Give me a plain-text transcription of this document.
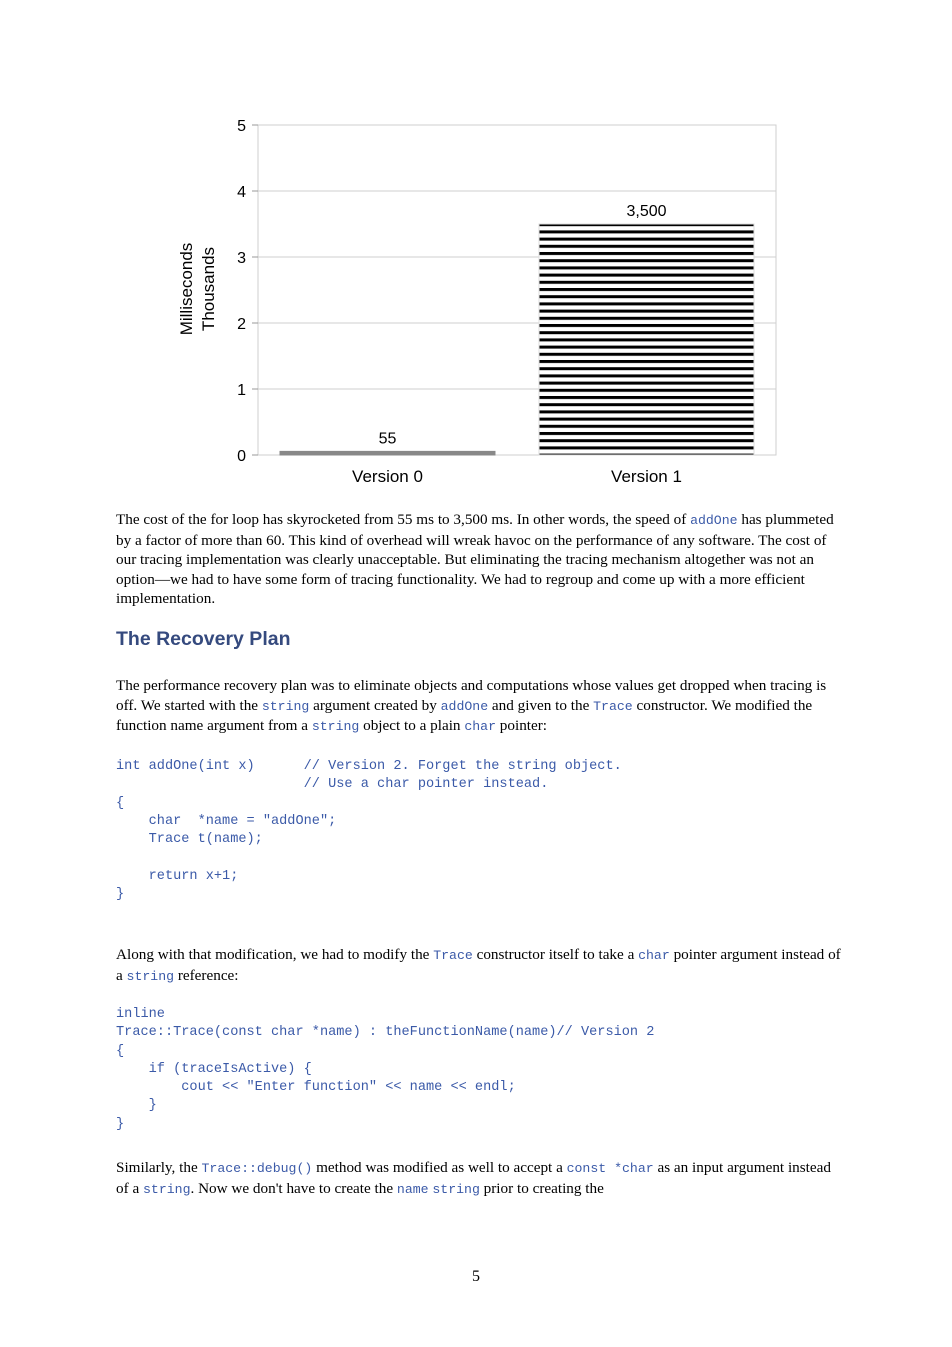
0
1
2
3
4
5
Version 0	Version 1
55
3,500
Milliseconds Thousands

The cost of the for loop has skyrocketed from 55 ms to 3,500 ms. In other words, the speed of addOne has plummeted by a factor of more than 60. This kind of overhead will wreak havoc on the performance of any software. The cost of our tracing implementation was clearly unacceptable. But eliminating the tracing mechanism altogether was not an option—we had to have some form of tracing functionality. We had to regroup and come up with a more efficient implementation.

The Recovery Plan

The performance recovery plan was to eliminate objects and computations whose values get dropped when tracing is off. We started with the string argument created by addOne and given to the Trace constructor. We modified the function name argument from a string object to a plain char pointer:

int addOne(int x)      // Version 2. Forget the string object.
// Use a char pointer instead.
{
char  *name = "addOne";
Trace t(name);

return x+1;
}

Along with that modification, we had to modify the Trace constructor itself to take a char pointer argument instead of a string reference:

inline
Trace::Trace(const char *name) : theFunctionName(name)// Version 2
{
if (traceIsActive) {
cout << "Enter function" << name << endl;
}
}

Similarly, the Trace::debug() method was modified as well to accept a const *char as an input argument instead of a string. Now we don't have to create the name string prior to creating the

5
